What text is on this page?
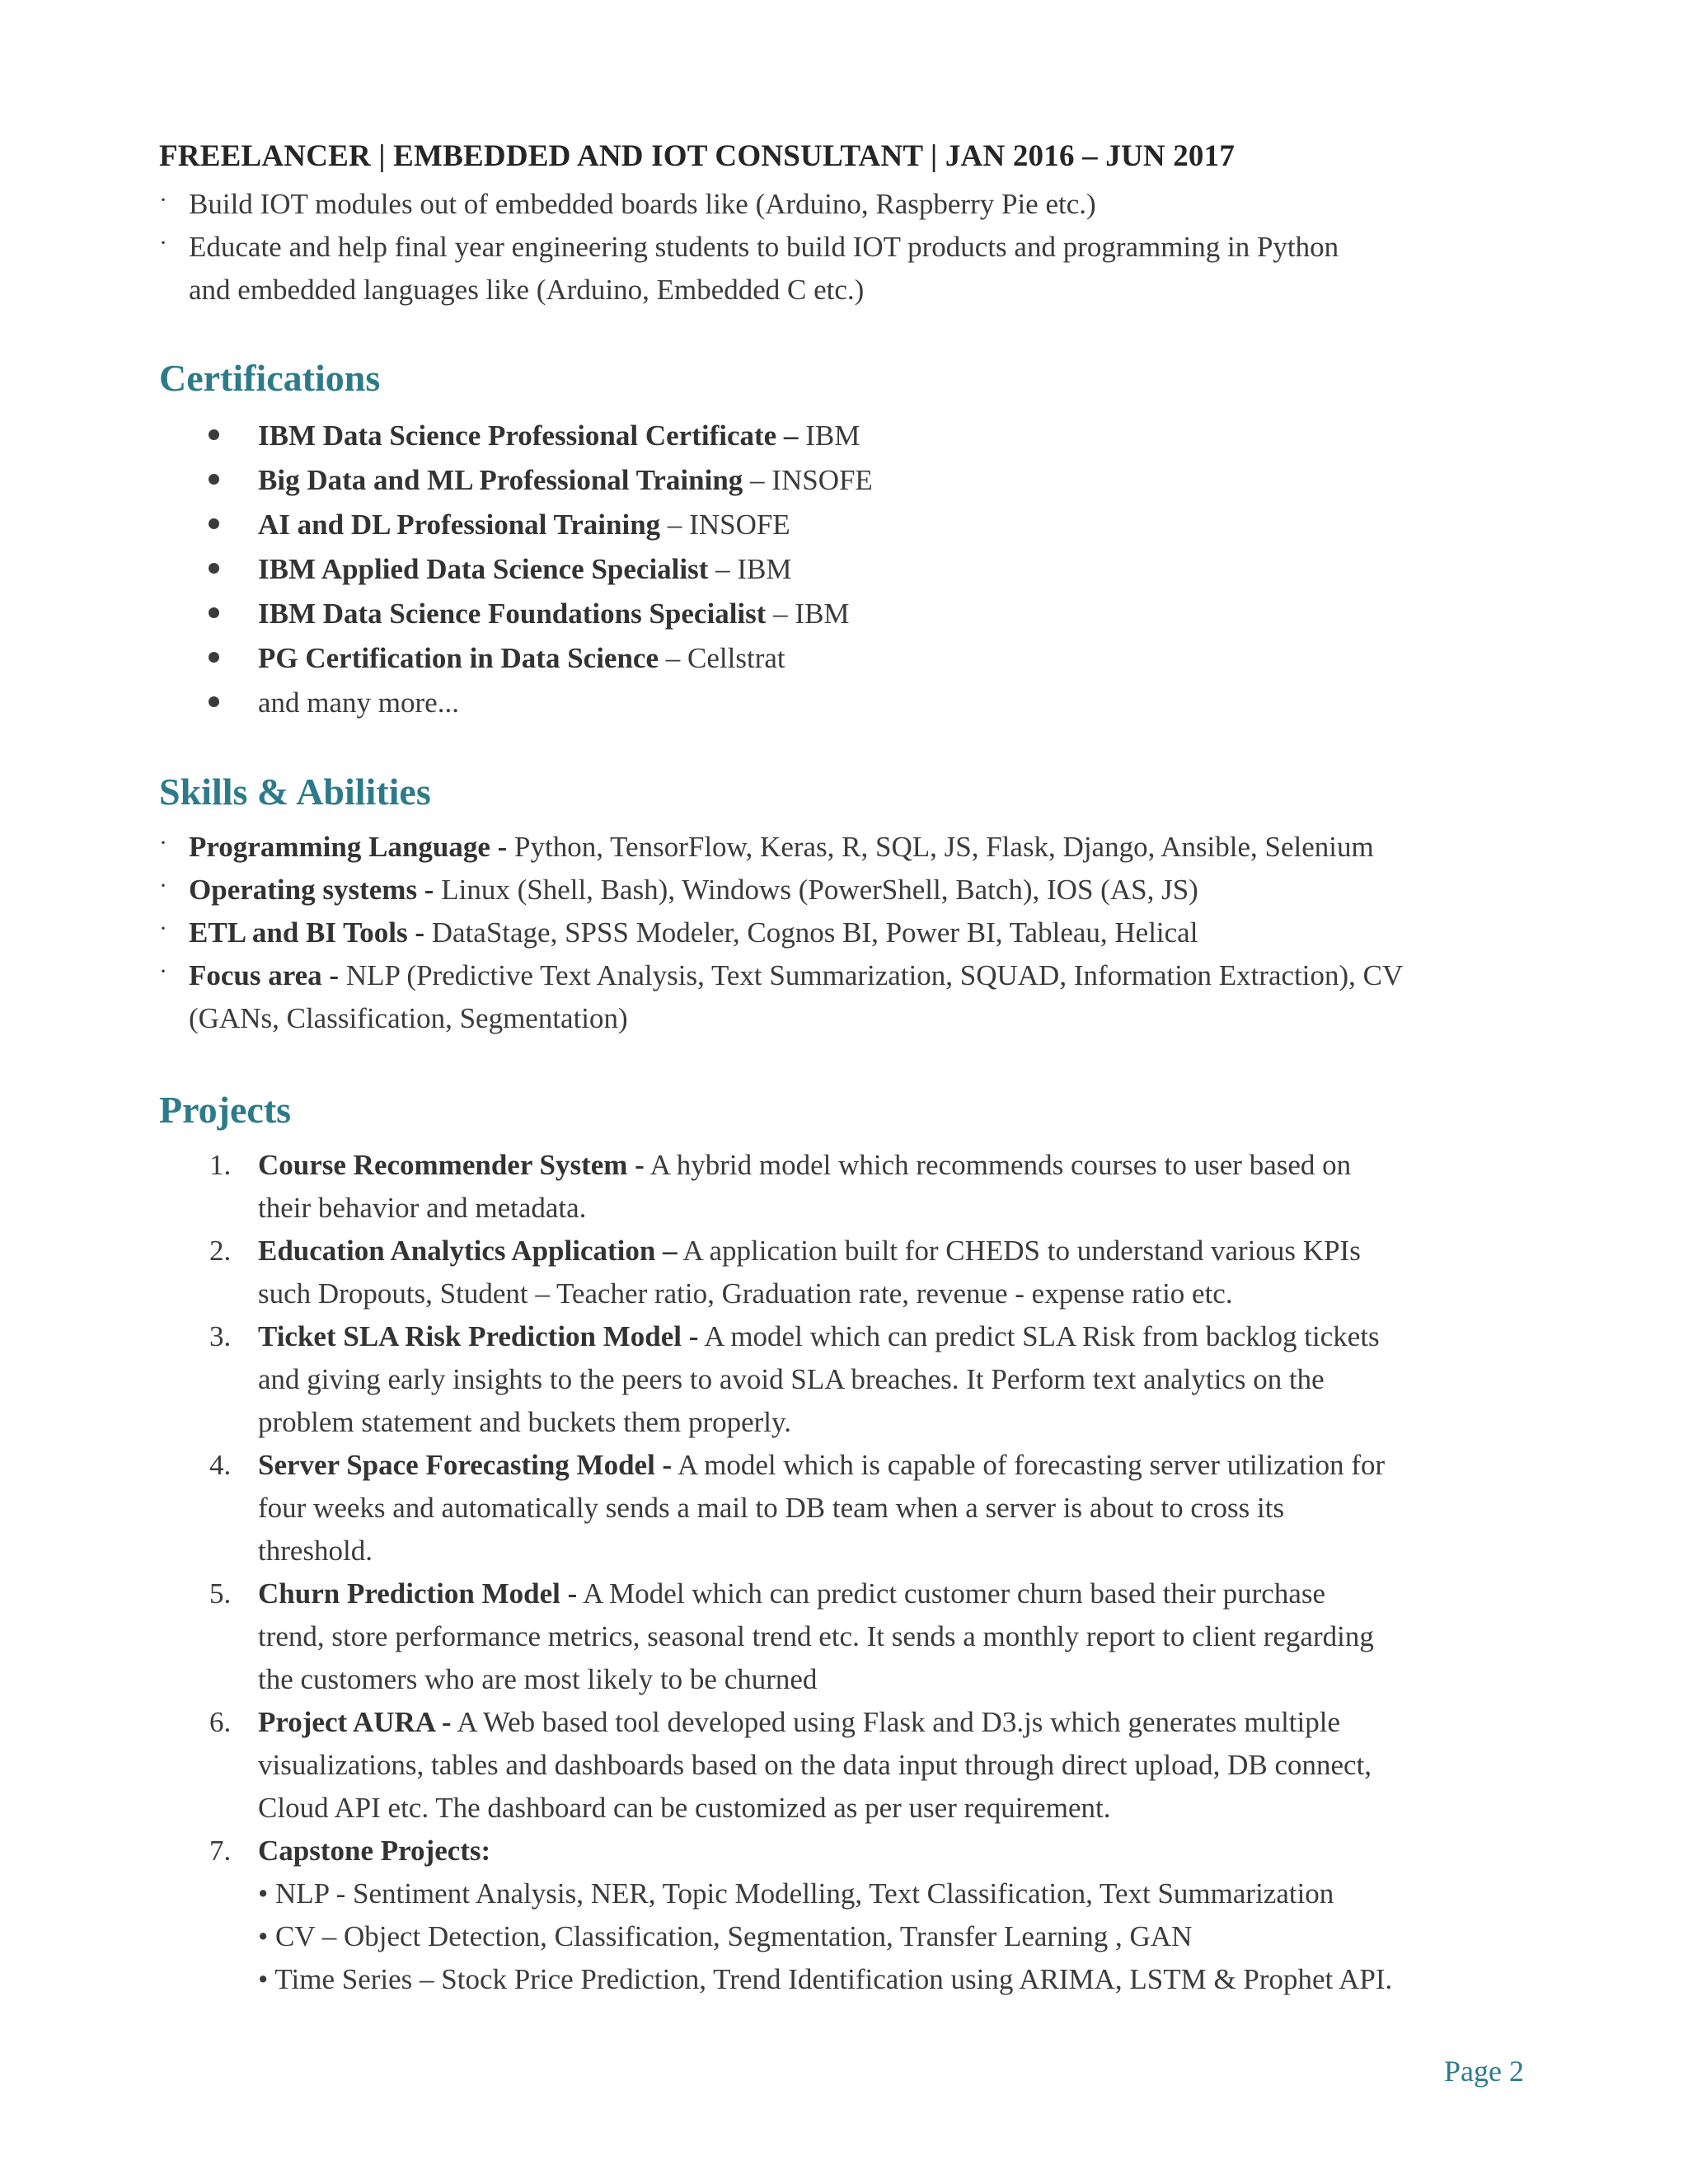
FREELANCER | EMBEDDED AND IOT CONSULTANT | JAN 2016 – JUN 2017
· Build IOT modules out of embedded boards like (Arduino, Raspberry Pie etc.)
· Educate and help final year engineering students to build IOT products and programming in Python
and embedded languages like (Arduino, Embedded C etc.)
Certifications
IBM Data Science Professional Certificate – IBM
Big Data and ML Professional Training – INSOFE
AI and DL Professional Training – INSOFE
IBM Applied Data Science Specialist – IBM
IBM Data Science Foundations Specialist – IBM
PG Certification in Data Science – Cellstrat
and many more...
Skills & Abilities
· Programming Language - Python, TensorFlow, Keras, R, SQL, JS, Flask, Django, Ansible, Selenium
· Operating systems - Linux (Shell, Bash), Windows (PowerShell, Batch), IOS (AS, JS)
· ETL and BI Tools - DataStage, SPSS Modeler, Cognos BI, Power BI, Tableau, Helical
· Focus area - NLP (Predictive Text Analysis, Text Summarization, SQUAD, Information Extraction), CV
(GANs, Classification, Segmentation)
Projects
1. Course Recommender System - A hybrid model which recommends courses to user based on
their behavior and metadata.
2. Education Analytics Application – A application built for CHEDS to understand various KPIs
such Dropouts, Student – Teacher ratio, Graduation rate, revenue - expense ratio etc.
3. Ticket SLA Risk Prediction Model - A model which can predict SLA Risk from backlog tickets
and giving early insights to the peers to avoid SLA breaches. It Perform text analytics on the
problem statement and buckets them properly.
4. Server Space Forecasting Model - A model which is capable of forecasting server utilization for
four weeks and automatically sends a mail to DB team when a server is about to cross its
threshold.
5. Churn Prediction Model - A Model which can predict customer churn based their purchase
trend, store performance metrics, seasonal trend etc. It sends a monthly report to client regarding
the customers who are most likely to be churned
6. Project AURA - A Web based tool developed using Flask and D3.js which generates multiple
visualizations, tables and dashboards based on the data input through direct upload, DB connect,
Cloud API etc. The dashboard can be customized as per user requirement.
7. Capstone Projects:
• NLP - Sentiment Analysis, NER, Topic Modelling, Text Classification, Text Summarization
• CV – Object Detection, Classification, Segmentation, Transfer Learning , GAN
• Time Series – Stock Price Prediction, Trend Identification using ARIMA, LSTM & Prophet API.
Page 2
